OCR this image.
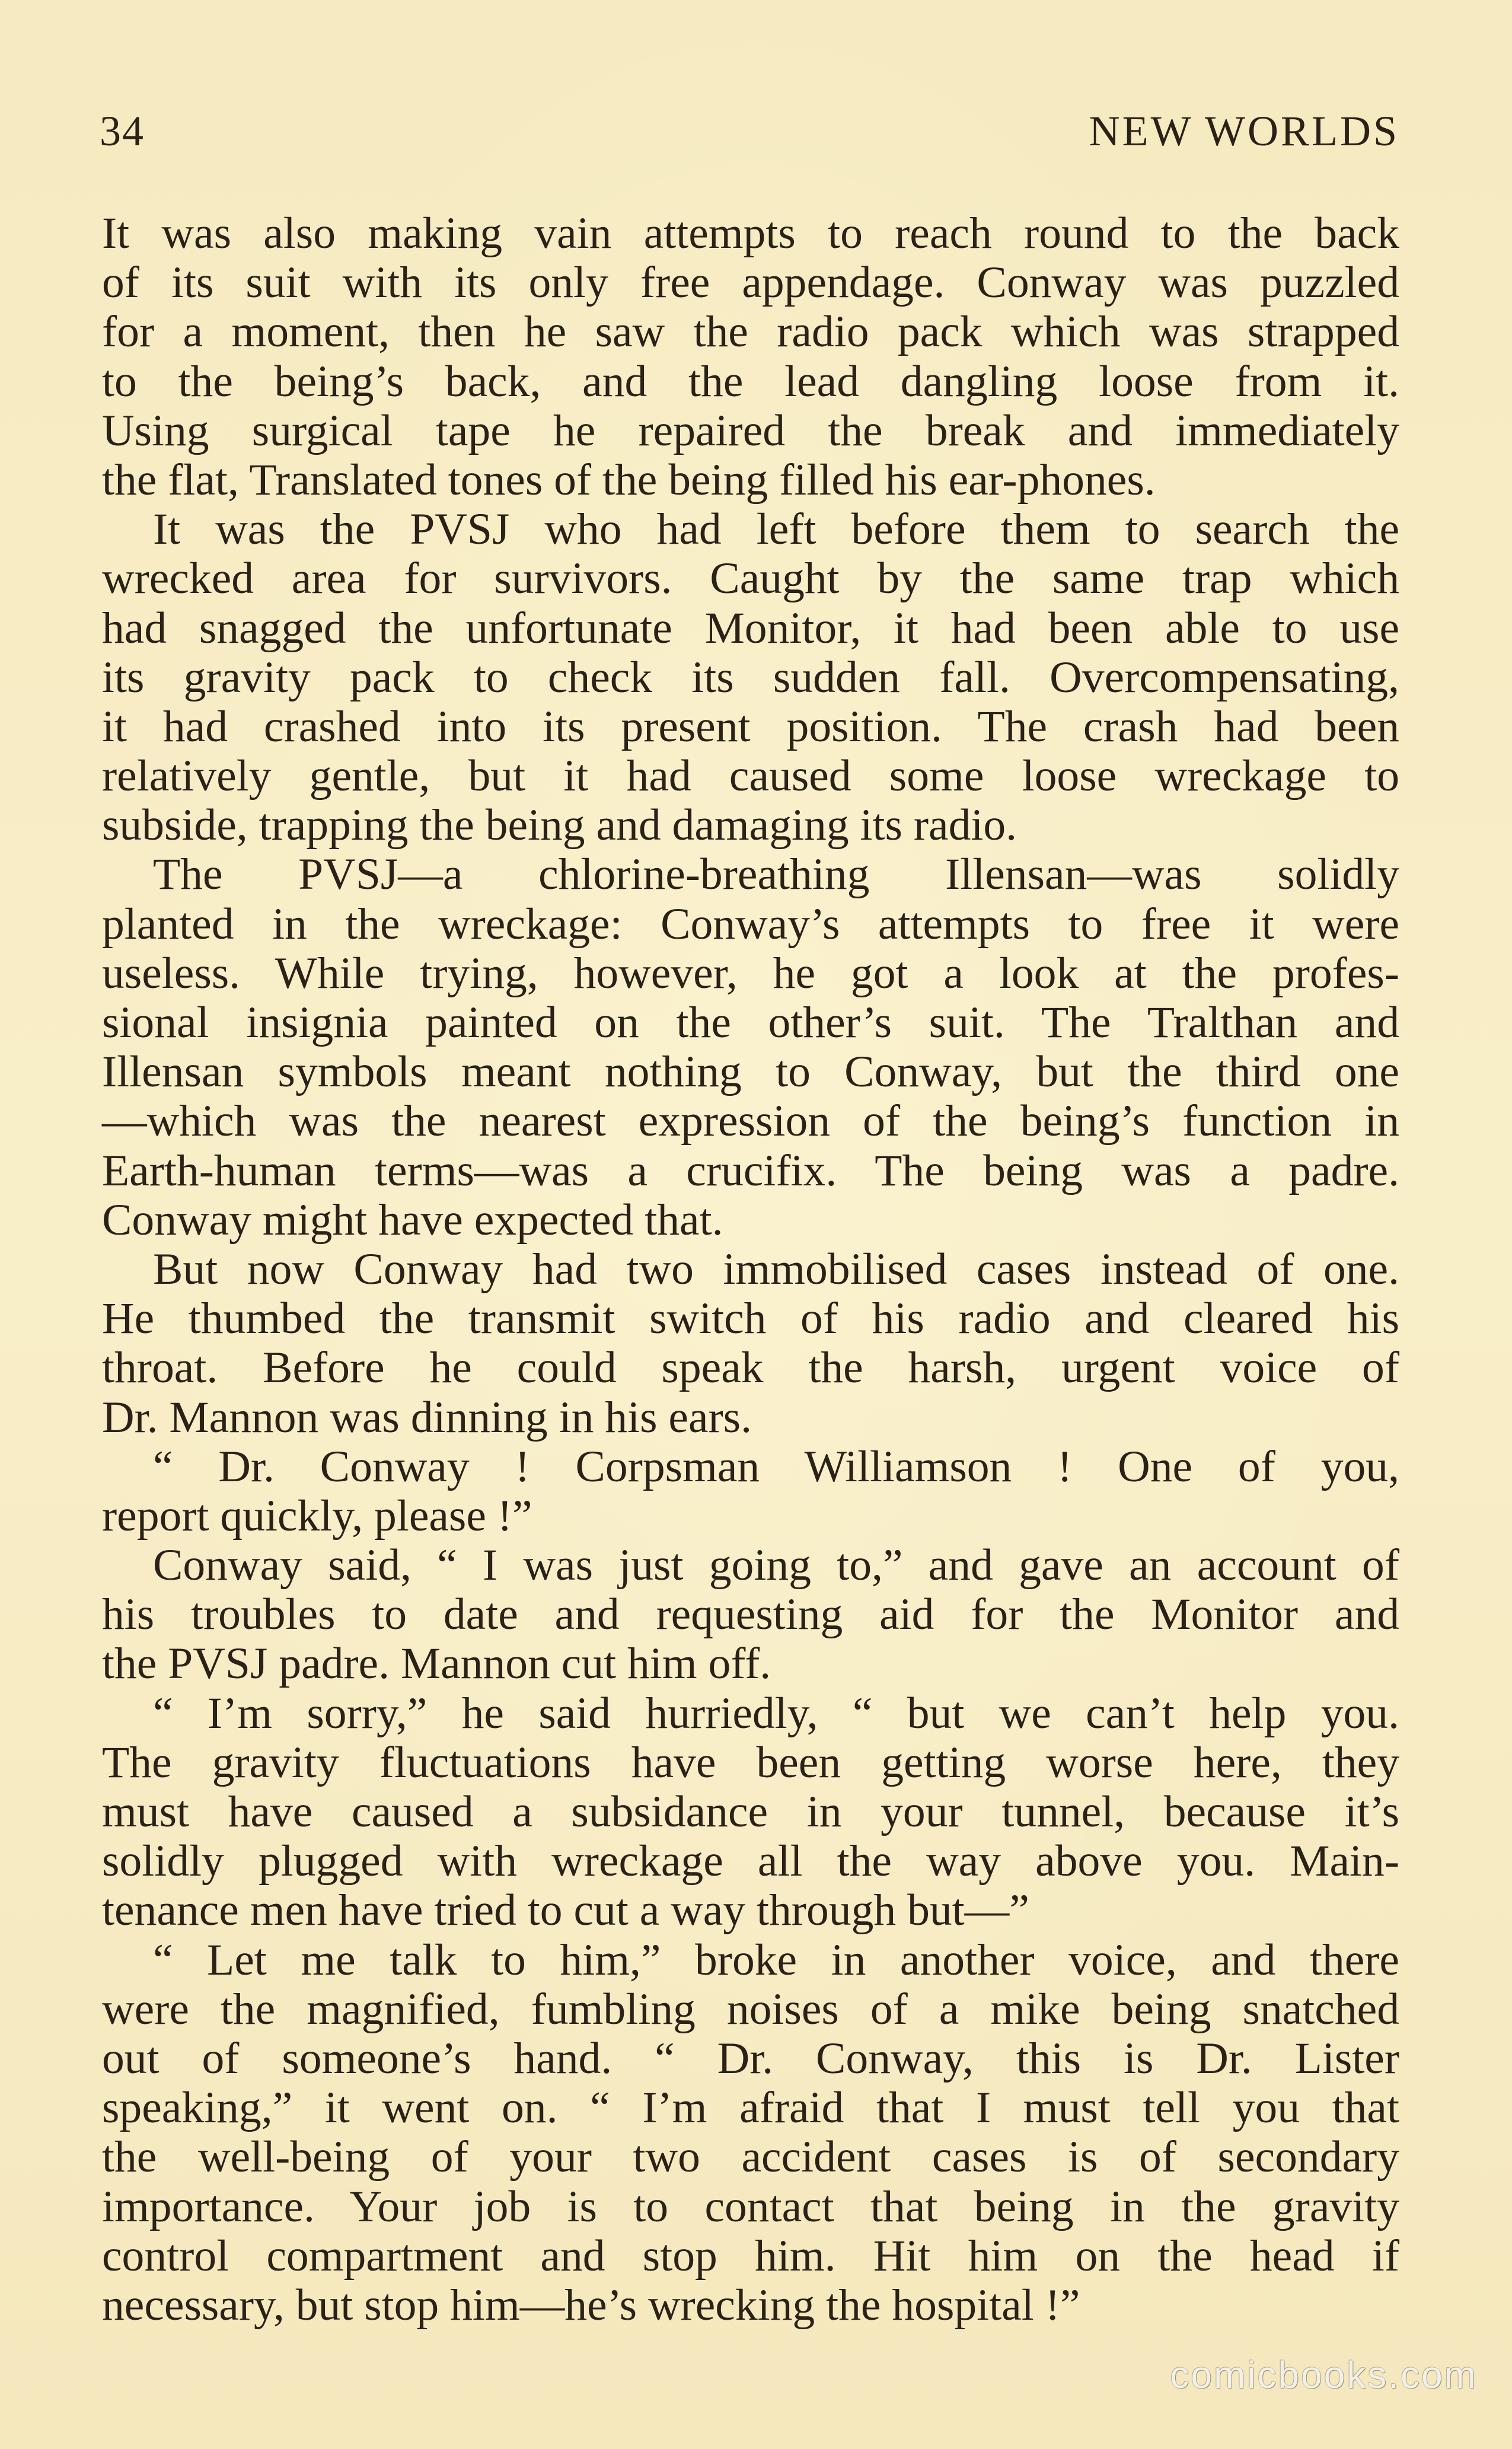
34	NEW WORLDS
It was also making vain attempts to reach round to the back
of its suit with its only free appendage. Conway was puzzled
for a moment, then he saw the radio pack which was strapped
to the being’s back, and the lead dangling loose from it.
Using surgical tape he repaired the break and immediately
the flat, Translated tones of the being filled his ear-phones.
It was the PVSJ who had left before them to search the
wrecked area for survivors. Caught by the same trap which
had snagged the unfortunate Monitor, it had been able to use
its gravity pack to check its sudden fall. Overcompensating,
it had crashed into its present position. The crash had been
relatively gentle, but it had caused some loose wreckage to
subside, trapping the being and damaging its radio.
The PVSJ—a chlorine-breathing Illensan—was solidly
planted in the wreckage: Conway’s attempts to free it were
useless. While trying, however, he got a look at the profes-
sional insignia painted on the other’s suit. The Tralthan and
Illensan symbols meant nothing to Conway, but the third one
—which was the nearest expression of the being’s function in
Earth-human terms—was a crucifix. The being was a padre.
Conway might have expected that.
But now Conway had two immobilised cases instead of one.
He thumbed the transmit switch of his radio and cleared his
throat. Before he could speak the harsh, urgent voice of
Dr. Mannon was dinning in his ears.
“ Dr. Conway ! Corpsman Williamson ! One of you,
report quickly, please !”
Conway said, “ I was just going to,” and gave an account of
his troubles to date and requesting aid for the Monitor and
the PVSJ padre. Mannon cut him off.
“ I’m sorry,” he said hurriedly, “ but we can’t help you.
The gravity fluctuations have been getting worse here, they
must have caused a subsidance in your tunnel, because it’s
solidly plugged with wreckage all the way above you. Main-
tenance men have tried to cut a way through but—”
“ Let me talk to him,” broke in another voice, and there
were the magnified, fumbling noises of a mike being snatched
out of someone’s hand. “ Dr. Conway, this is Dr. Lister
speaking,” it went on. “ I’m afraid that I must tell you that
the well-being of your two accident cases is of secondary
importance. Your job is to contact that being in the gravity
control compartment and stop him. Hit him on the head if
necessary, but stop him—he’s wrecking the hospital !”
comicbooks.com
